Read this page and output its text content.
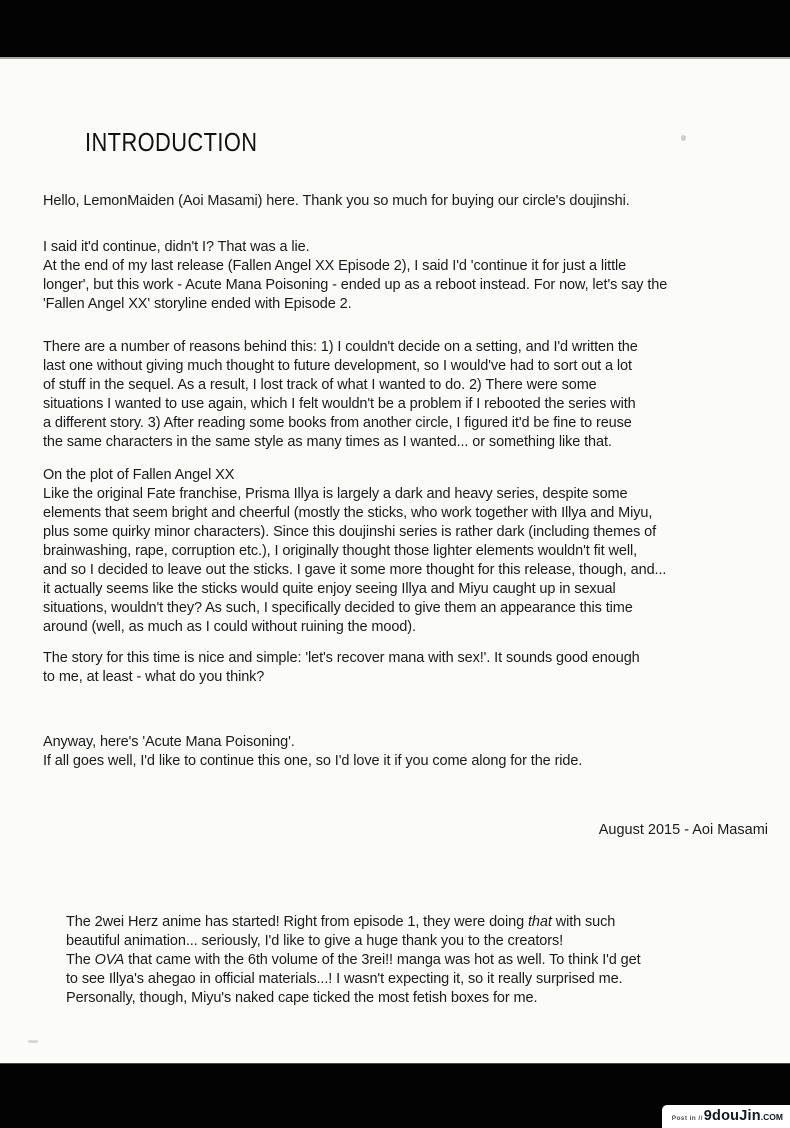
INTRODUCTION
Hello, LemonMaiden (Aoi Masami) here. Thank you so much for buying our circle's doujinshi.
I said it'd continue, didn't I? That was a lie.
At the end of my last release (Fallen Angel XX Episode 2), I said I'd 'continue it for just a little
longer', but this work - Acute Mana Poisoning - ended up as a reboot instead. For now, let's say the
'Fallen Angel XX' storyline ended with Episode 2.
There are a number of reasons behind this: 1) I couldn't decide on a setting, and I'd written the
last one without giving much thought to future development, so I would've had to sort out a lot
of stuff in the sequel. As a result, I lost track of what I wanted to do. 2) There were some
situations I wanted to use again, which I felt wouldn't be a problem if I rebooted the series with
a different story. 3) After reading some books from another circle, I figured it'd be fine to reuse
the same characters in the same style as many times as I wanted... or something like that.
On the plot of Fallen Angel XX
Like the original Fate franchise, Prisma Illya is largely a dark and heavy series, despite some
elements that seem bright and cheerful (mostly the sticks, who work together with Illya and Miyu,
plus some quirky minor characters). Since this doujinshi series is rather dark (including themes of
brainwashing, rape, corruption etc.), I originally thought those lighter elements wouldn't fit well,
and so I decided to leave out the sticks. I gave it some more thought for this release, though, and...
it actually seems like the sticks would quite enjoy seeing Illya and Miyu caught up in sexual
situations, wouldn't they? As such, I specifically decided to give them an appearance this time
around (well, as much as I could without ruining the mood).
The story for this time is nice and simple: 'let's recover mana with sex!'. It sounds good enough
to me, at least - what do you think?
Anyway, here's 'Acute Mana Poisoning'.
If all goes well, I'd like to continue this one, so I'd love it if you come along for the ride.
August 2015 - Aoi Masami
The 2wei Herz anime has started! Right from episode 1, they were doing that with such
beautiful animation... seriously, I'd like to give a huge thank you to the creators!
The OVA that came with the 6th volume of the 3rei!! manga was hot as well. To think I'd get
to see Illya's ahegao in official materials...! I wasn't expecting it, so it really surprised me.
Personally, though, Miyu's naked cape ticked the most fetish boxes for me.
Post in // 9douJin .COM
